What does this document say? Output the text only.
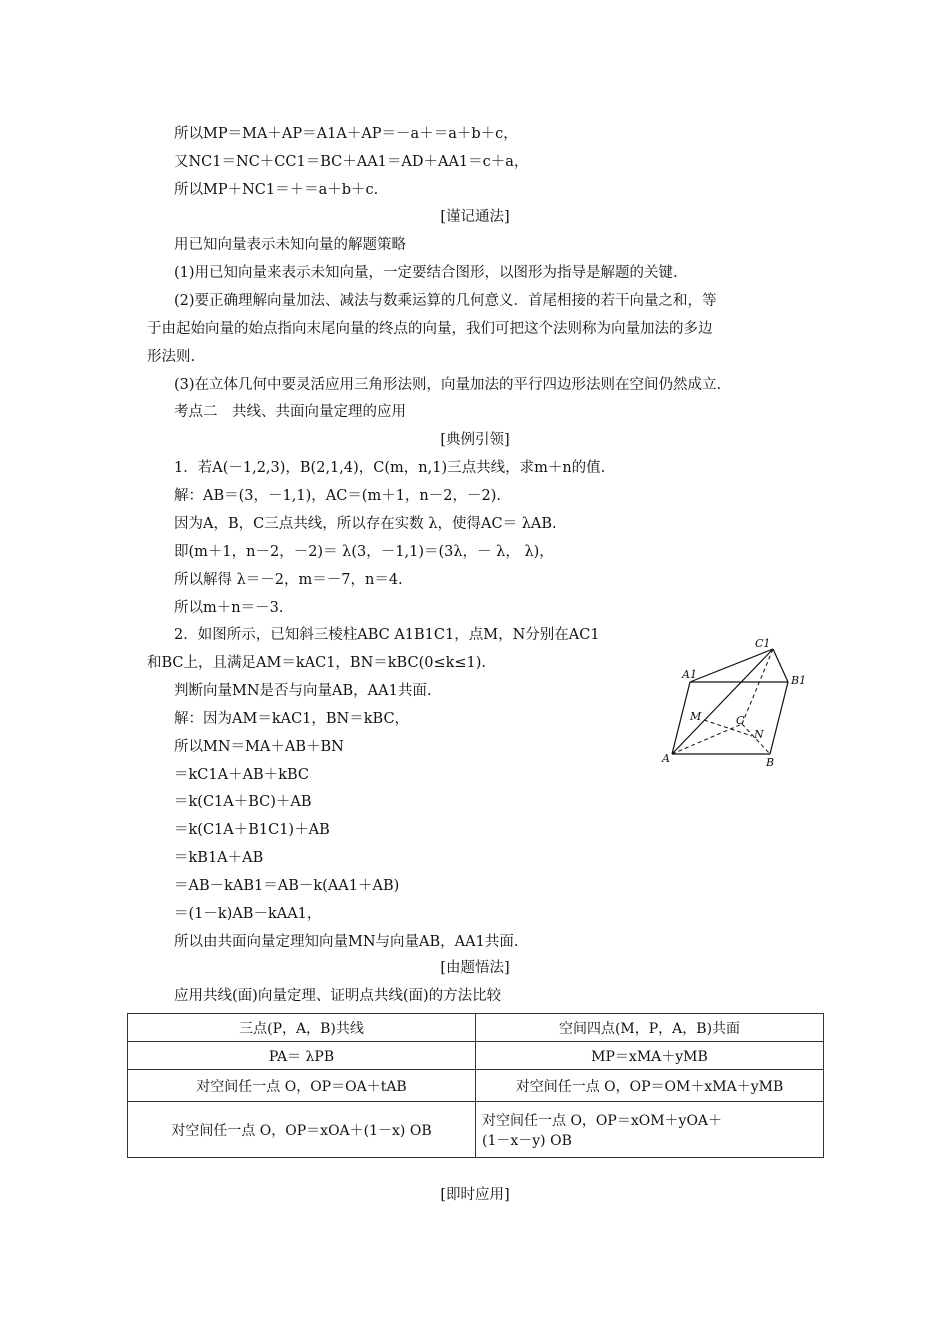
所以MP＝MA＋AP＝A1A＋AP＝－a＋＝a＋b＋c，
又NC1＝NC＋CC1＝BC＋AA1＝AD＋AA1＝c＋a，
所以MP＋NC1＝＋＝a＋b＋c.
[谨记通法]
用已知向量表示未知向量的解题策略
(1)用已知向量来表示未知向量，一定要结合图形，以图形为指导是解题的关键.
(2)要正确理解向量加法、减法与数乘运算的几何意义．首尾相接的若干向量之和，等
于由起始向量的始点指向末尾向量的终点的向量，我们可把这个法则称为向量加法的多边
形法则.
(3)在立体几何中要灵活应用三角形法则，向量加法的平行四边形法则在空间仍然成立.
考点二　共线、共面向量定理的应用
[典例引领]
1．若A(－1,2,3)，B(2,1,4)，C(m，n,1)三点共线，求m＋n的值.
解：AB＝(3，－1,1)，AC＝(m＋1，n－2，－2).
因为A，B，C三点共线，所以存在实数 λ，使得AC＝ λAB.
即(m＋1，n－2，－2)＝ λ(3，－1,1)＝(3λ，－ λ， λ)，
所以解得 λ＝－2，m＝－7，n＝4.
所以m＋n＝－3.
2．如图所示，已知斜三棱柱ABC A1B1C1，点M，N分别在AC1
和BC上，且满足AM＝kAC1，BN＝kBC(0≤k≤1).
判断向量MN是否与向量AB，AA1共面.
解：因为AM＝kAC1，BN＝kBC，
所以MN＝MA＋AB＋BN
＝kC1A＋AB＋kBC
＝k(C1A＋BC)＋AB
＝k(C1A＋B1C1)＋AB
＝kB1A＋AB
＝AB－kAB1＝AB－k(AA1＋AB)
＝(1－k)AB－kAA1，
所以由共面向量定理知向量MN与向量AB，AA1共面.
C1
A1	B1
M	C
N
A	B
[由题悟法]
应用共线(面)向量定理、证明点共线(面)的方法比较
三点(P，A，B)共线	空间四点(M，P，A，B)共面
PA＝ λPB	MP＝xMA＋yMB
对空间任一点 O，OP＝OA＋tAB	对空间任一点 O，OP＝OM＋xMA＋yMB
对空间任一点 O，OP＝xOA＋(1－x) OB	对空间任一点 O，OP＝xOM＋yOA＋
(1－x－y) OB
[即时应用]
